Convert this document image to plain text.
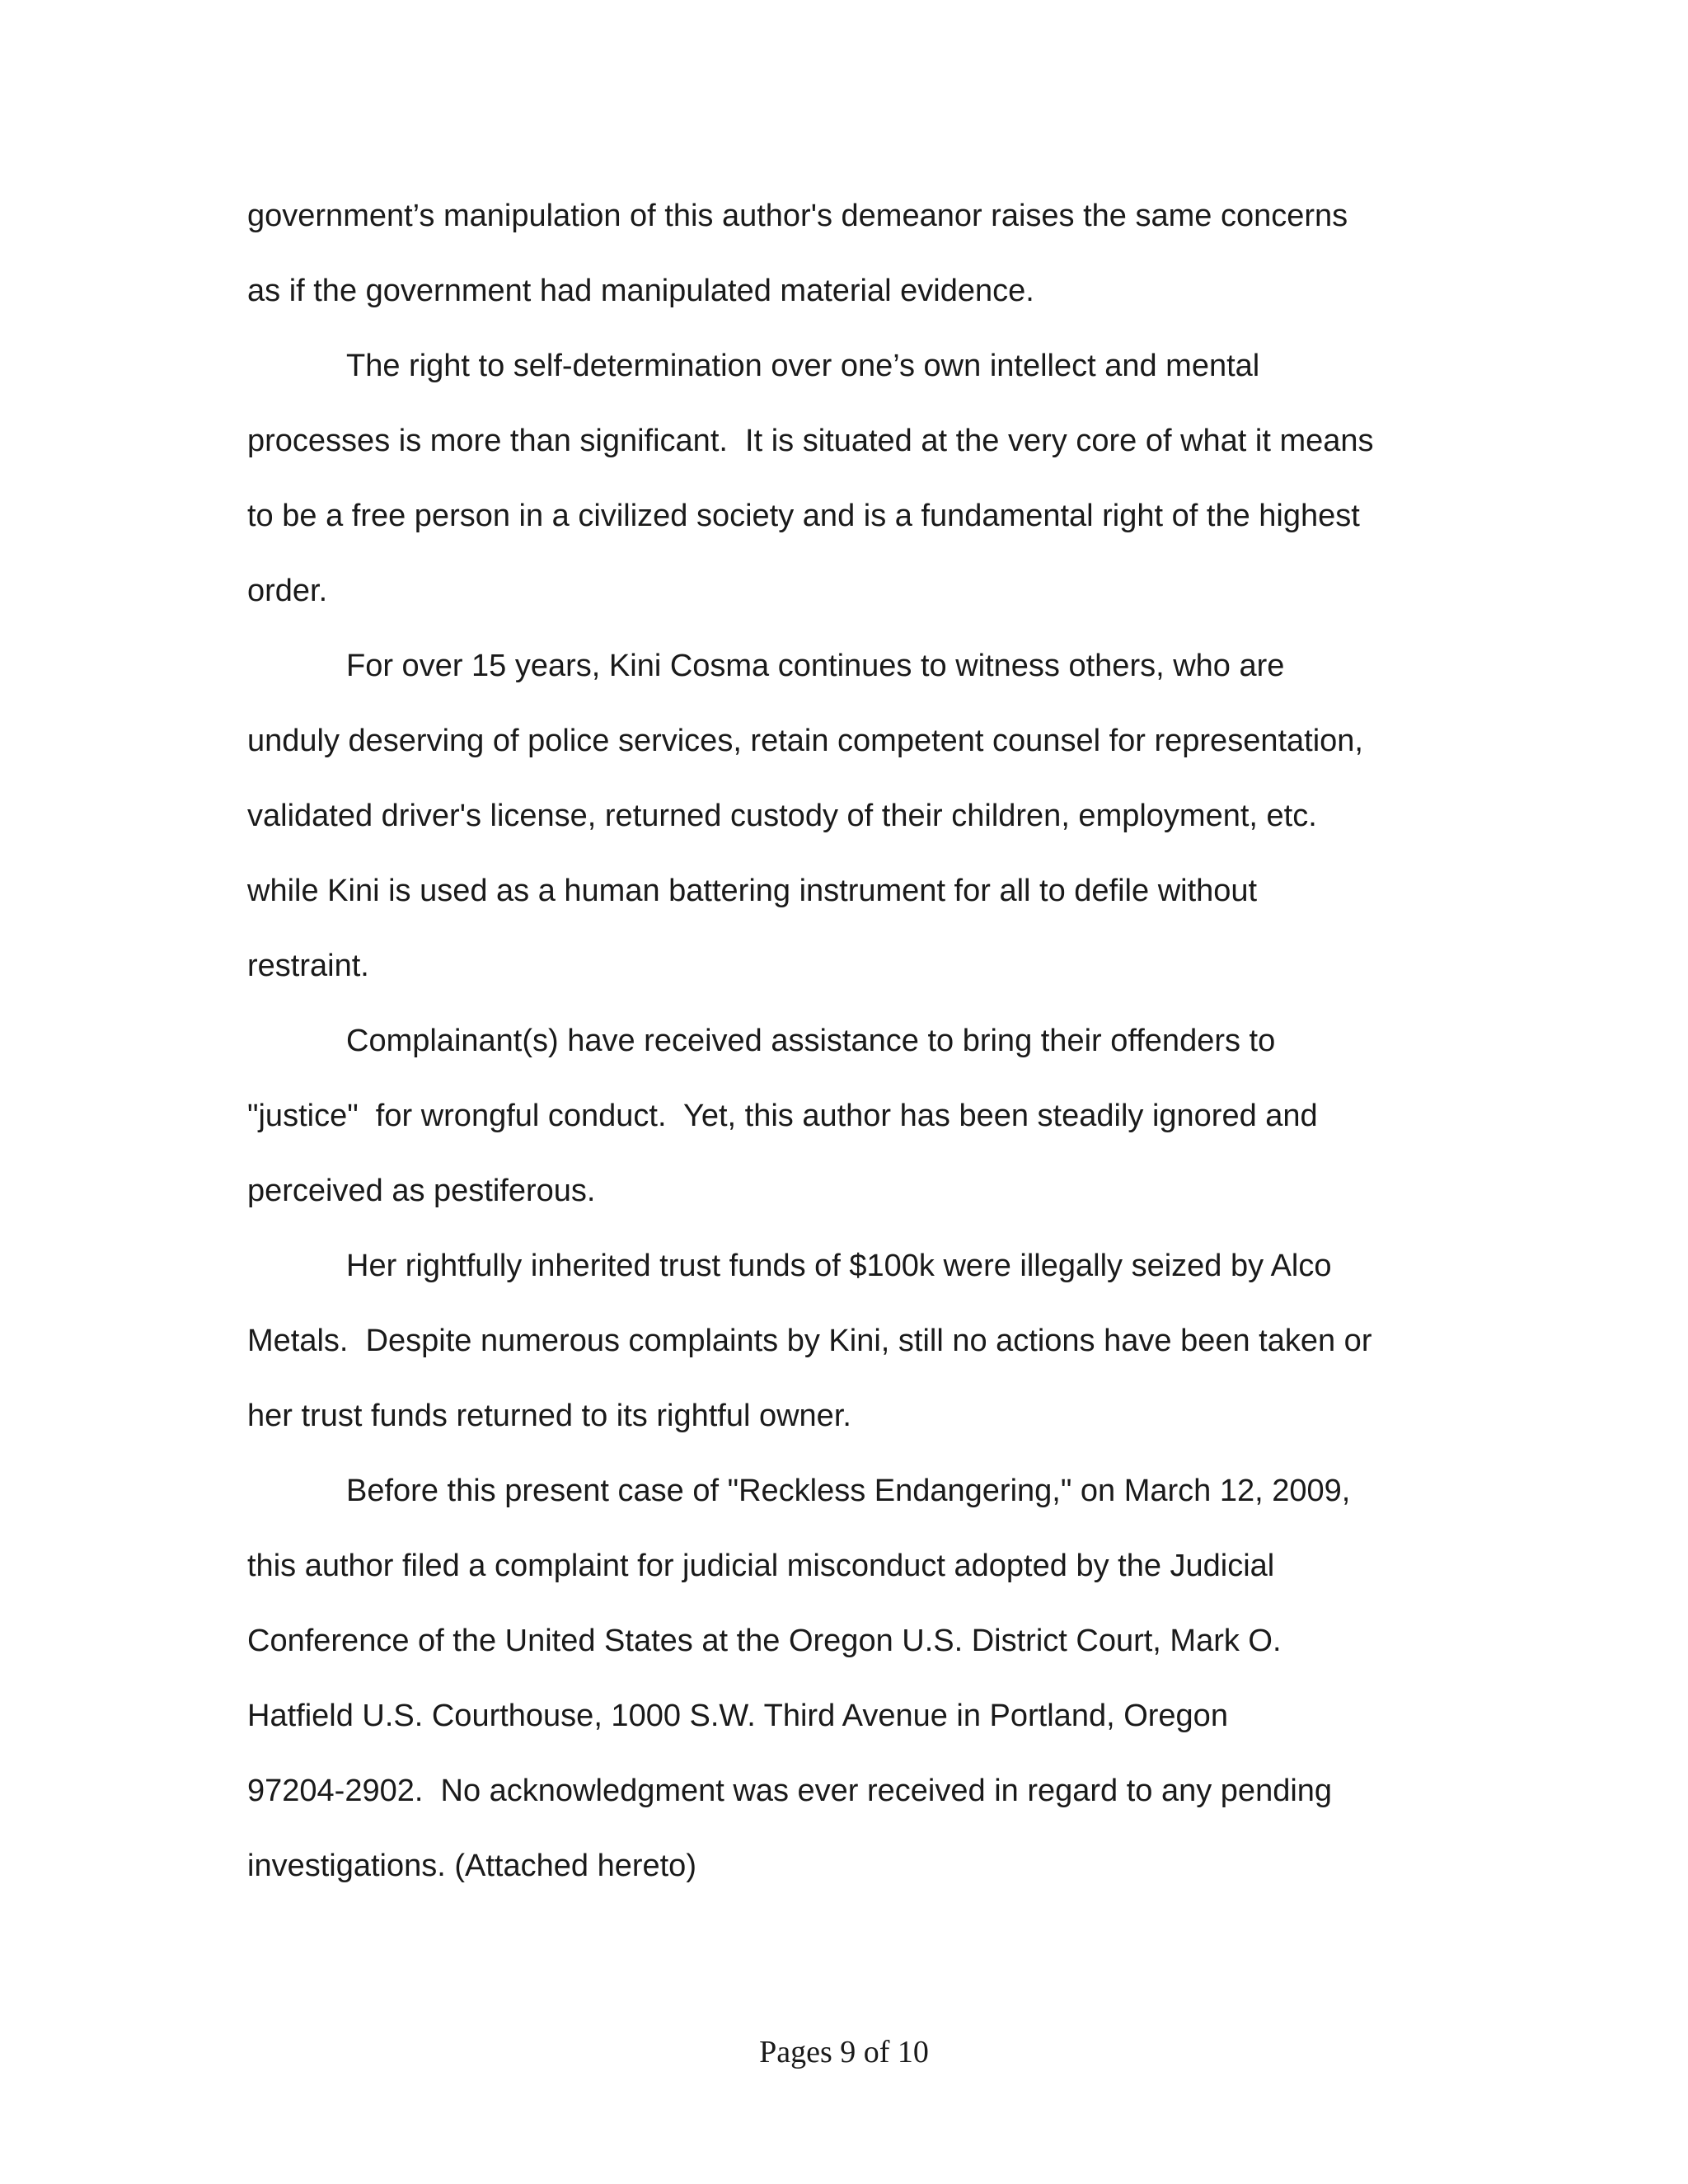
government’s manipulation of this author's demeanor raises the same concerns
as if the government had manipulated material evidence.
The right to self-determination over one’s own intellect and mental
processes is more than significant.  It is situated at the very core of what it means
to be a free person in a civilized society and is a fundamental right of the highest
order.
For over 15 years, Kini Cosma continues to witness others, who are
unduly deserving of police services, retain competent counsel for representation,
validated driver's license, returned custody of their children, employment, etc.
while Kini is used as a human battering instrument for all to defile without
restraint.
Complainant(s) have received assistance to bring their offenders to
"justice"  for wrongful conduct.  Yet, this author has been steadily ignored and
perceived as pestiferous.
Her rightfully inherited trust funds of $100k were illegally seized by Alco
Metals.  Despite numerous complaints by Kini, still no actions have been taken or
her trust funds returned to its rightful owner.
Before this present case of "Reckless Endangering," on March 12, 2009,
this author filed a complaint for judicial misconduct adopted by the Judicial
Conference of the United States at the Oregon U.S. District Court, Mark O.
Hatfield U.S. Courthouse, 1000 S.W. Third Avenue in Portland, Oregon
97204-2902.  No acknowledgment was ever received in regard to any pending
investigations. (Attached hereto)
Pages 9 of 10
